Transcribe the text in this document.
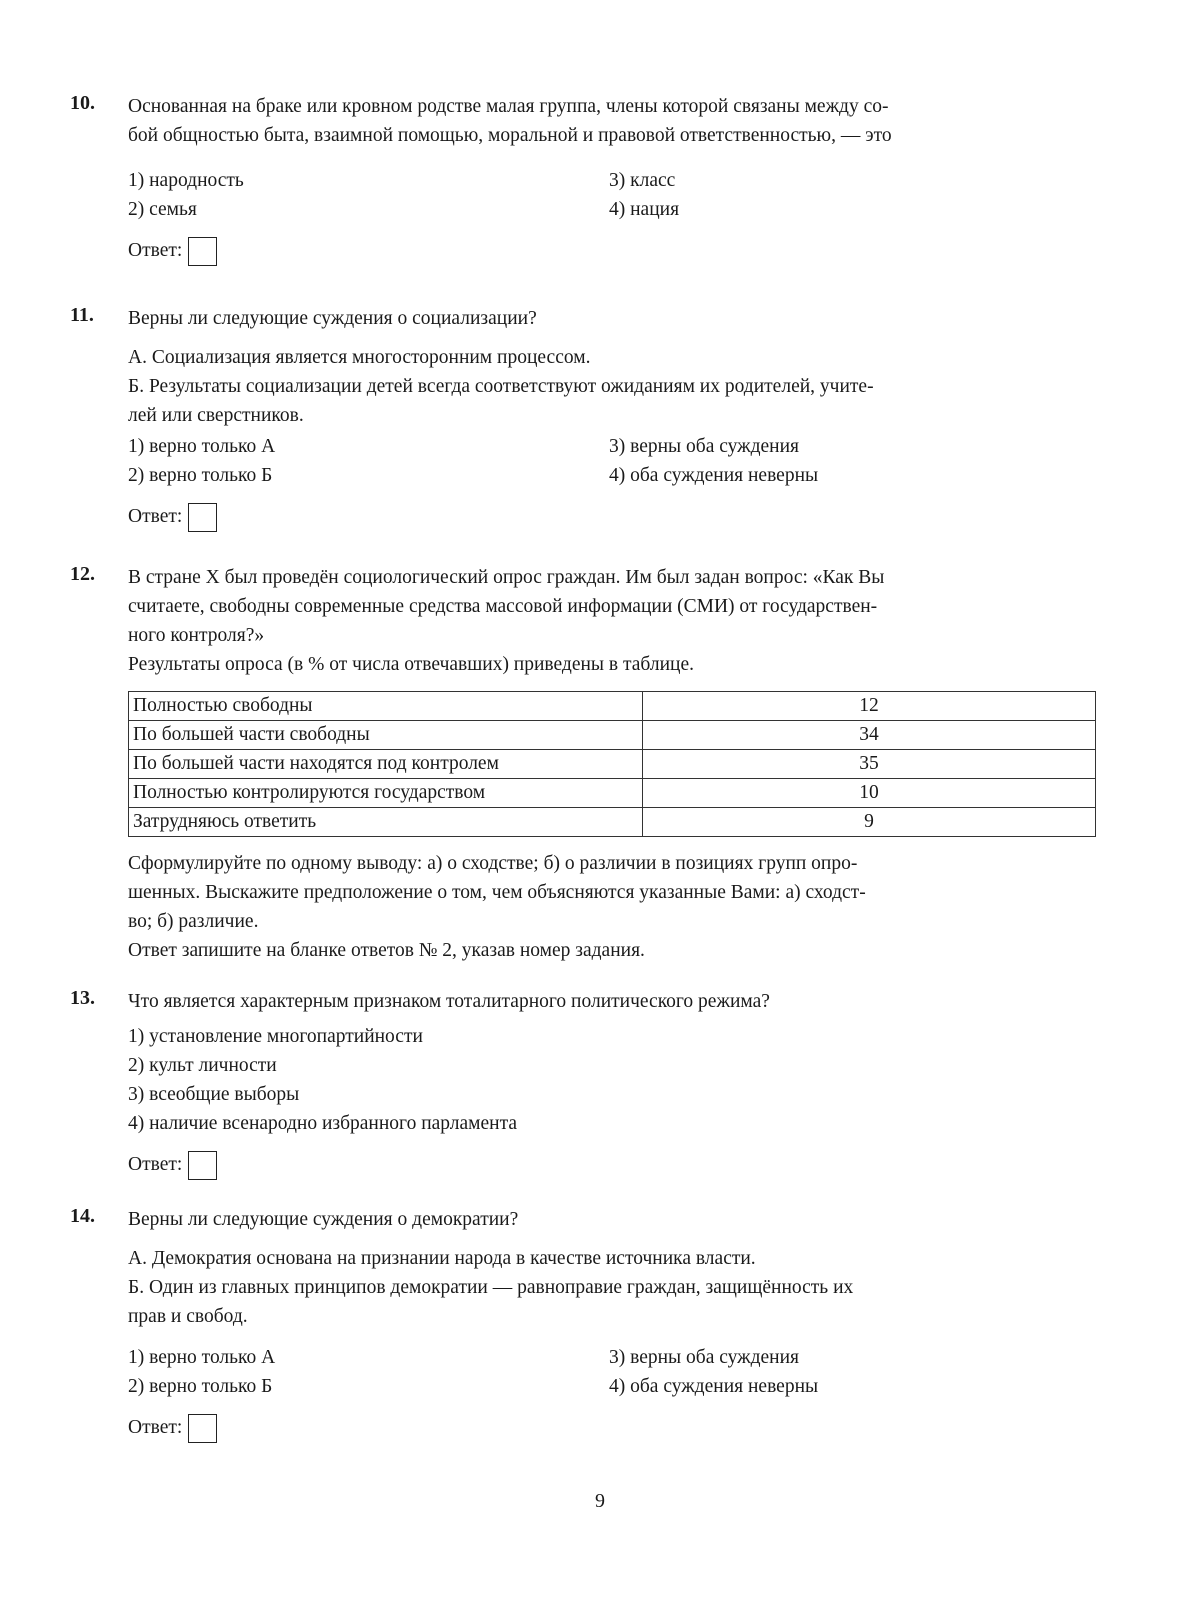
10. Основанная на браке или кровном родстве малая группа, члены которой связаны между со-
бой общностью быта, взаимной помощью, моральной и правовой ответственностью, — это
1) народность
2) семья
3) класс
4) нация
Ответ:
11. Верны ли следующие суждения о социализации?
А. Социализация является многосторонним процессом.
Б. Результаты социализации детей всегда соответствуют ожиданиям их родителей, учите-
лей или сверстников.
1) верно только А
2) верно только Б
3) верны оба суждения
4) оба суждения неверны
Ответ:
12. В стране X был проведён социологический опрос граждан. Им был задан вопрос: «Как Вы
считаете, свободны современные средства массовой информации (СМИ) от государствен-
ного контроля?»
Результаты опроса (в % от числа отвечавших) приведены в таблице.
Полностью свободны	12
По большей части свободны	34
По большей части находятся под контролем	35
Полностью контролируются государством	10
Затрудняюсь ответить	9
Сформулируйте по одному выводу: а) о сходстве; б) о различии в позициях групп опро-
шенных. Выскажите предположение о том, чем объясняются указанные Вами: а) сходст-
во; б) различие.
Ответ запишите на бланке ответов № 2, указав номер задания.
13. Что является характерным признаком тоталитарного политического режима?
1) установление многопартийности
2) культ личности
3) всеобщие выборы
4) наличие всенародно избранного парламента
Ответ:
14. Верны ли следующие суждения о демократии?
А. Демократия основана на признании народа в качестве источника власти.
Б. Один из главных принципов демократии — равноправие граждан, защищённость их
прав и свобод.
1) верно только А
2) верно только Б
3) верны оба суждения
4) оба суждения неверны
Ответ:
9
